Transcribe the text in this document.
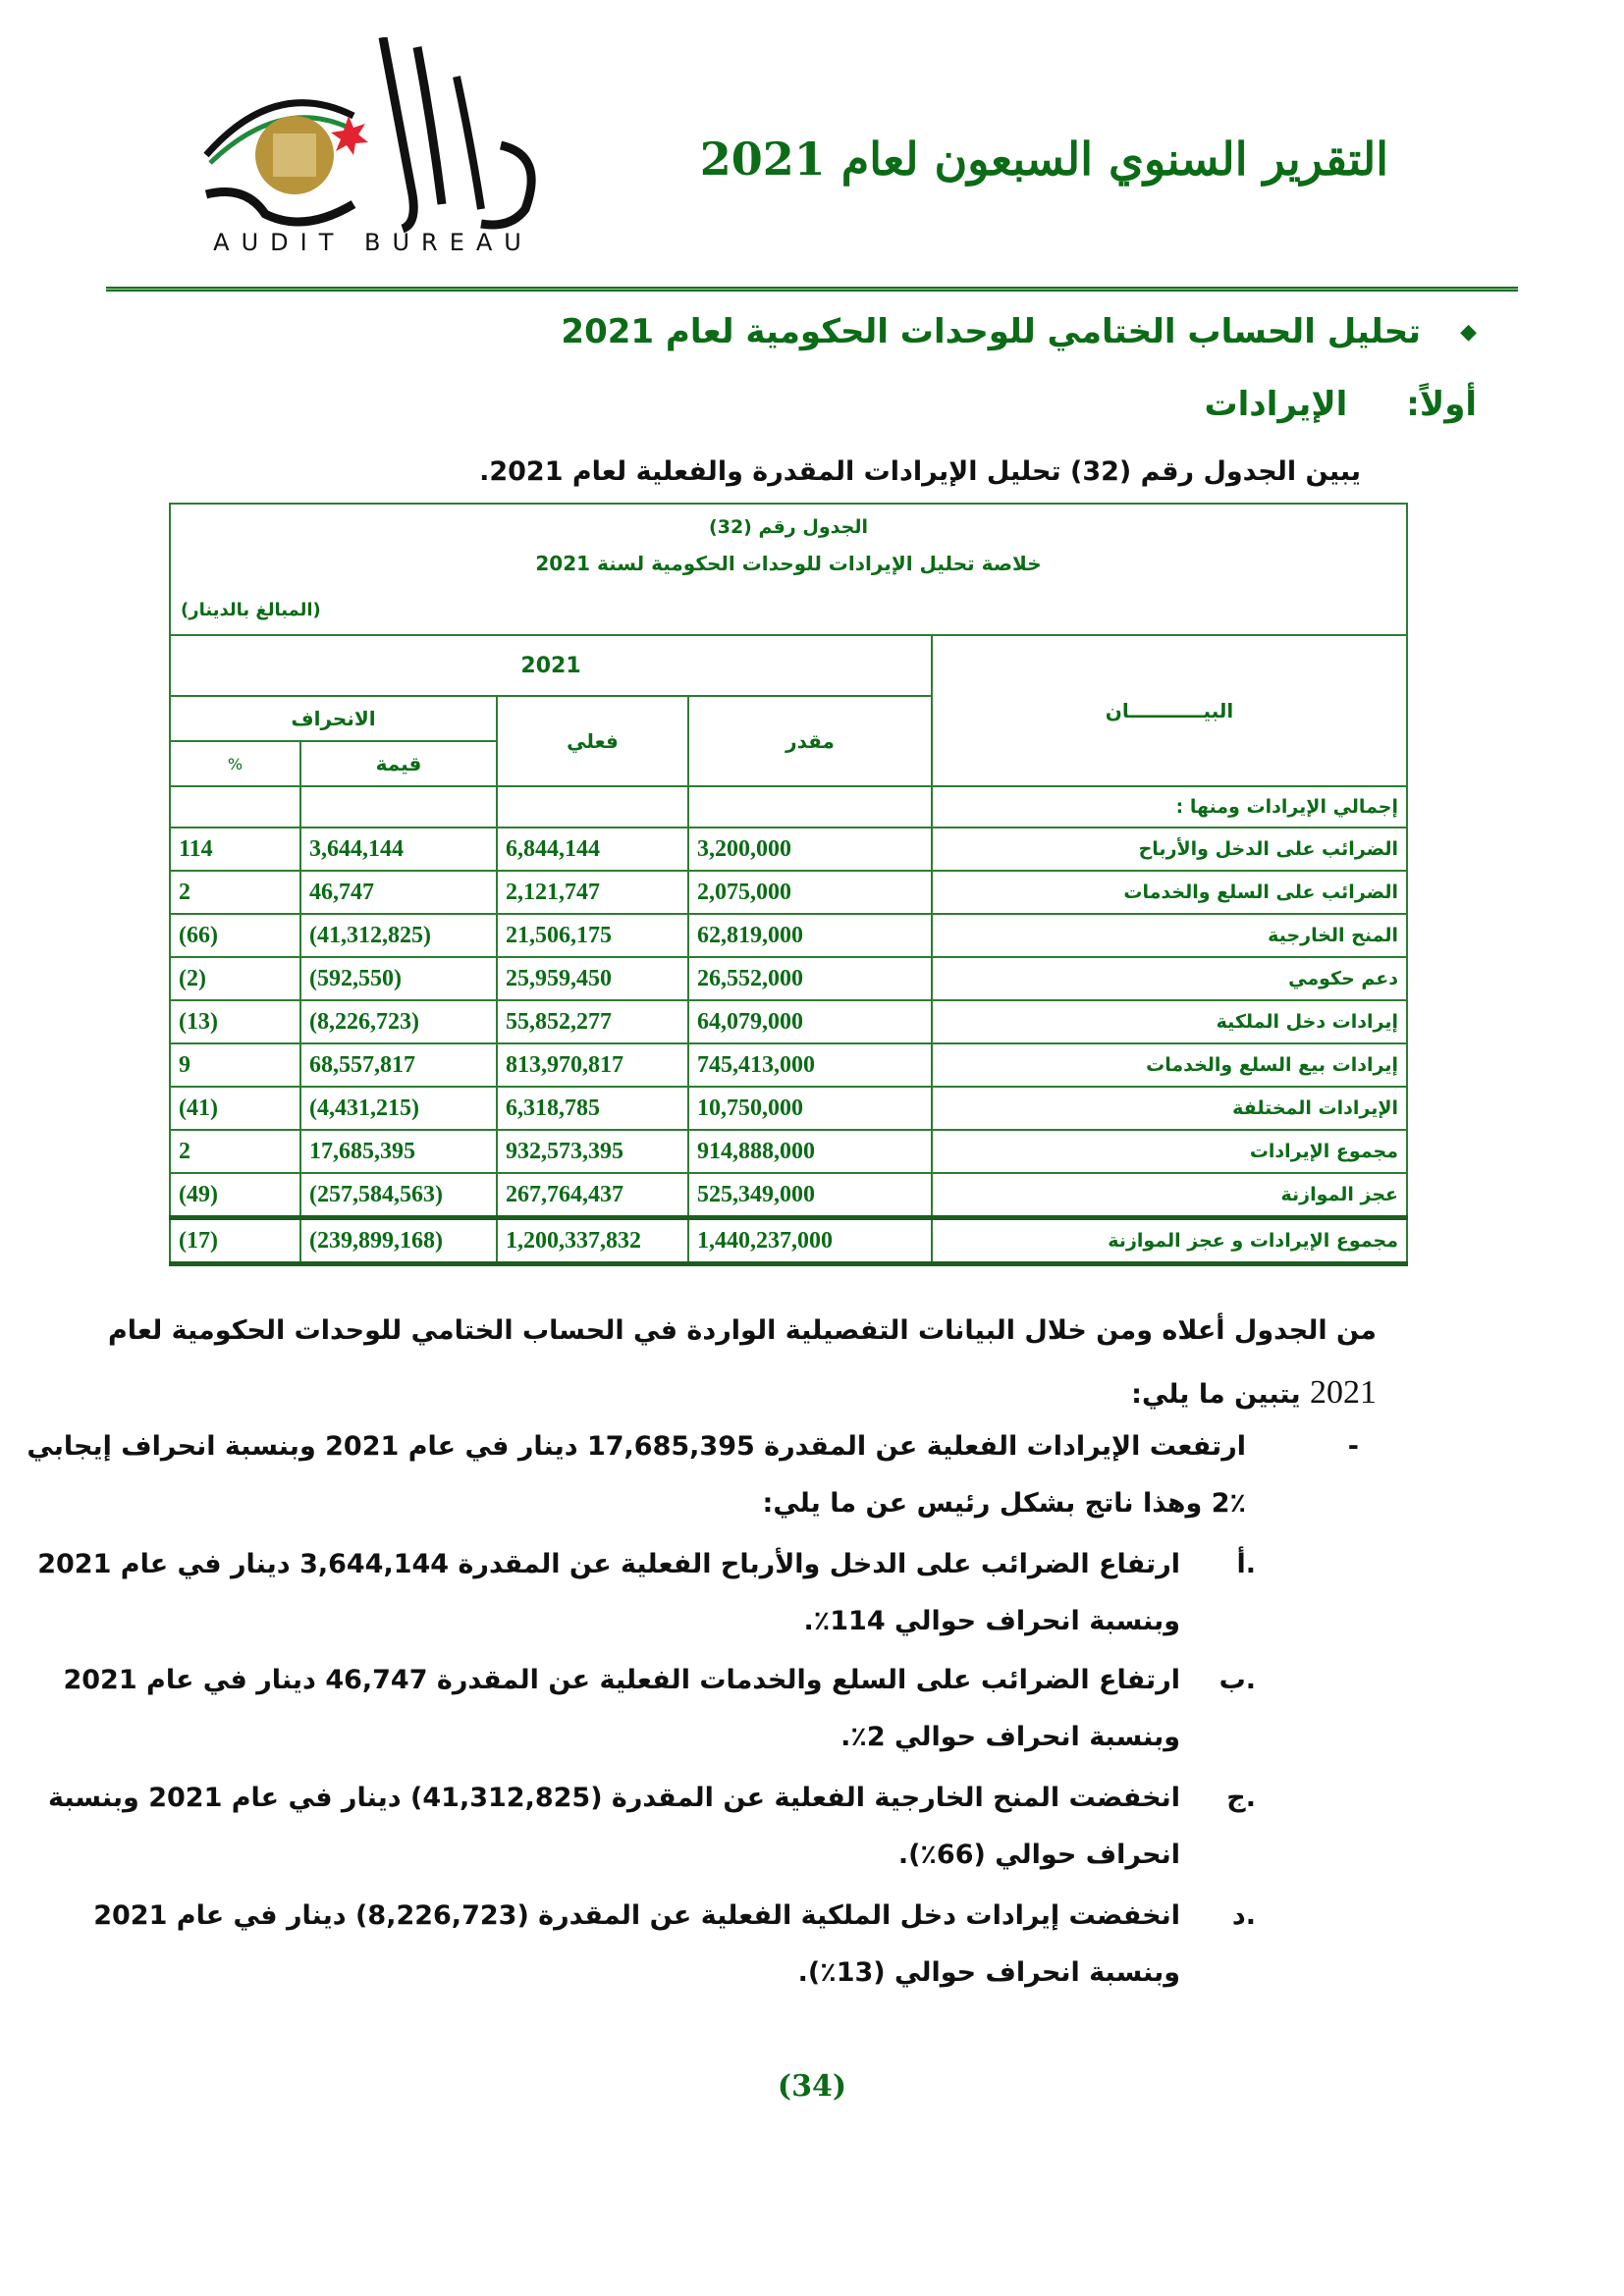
AUDIT BUREAU
التقرير السنوي السبعون لعام 2021
◆
تحليل الحساب الختامي للوحدات الحكومية لعام 2021
أولاً:
الإيرادات
يبين الجدول رقم (32) تحليل الإيرادات المقدرة والفعلية لعام 2021.
الجدول رقم (32)
خلاصة تحليل الإيرادات للوحدات الحكومية لسنة 2021
(المبالغ بالدينار)				

البيـــــــــــان	2021			
	مقدر	فعلي	الانحراف	
			قيمة	%
إجمالي الإيرادات ومنها :				
الضرائب على الدخل والأرباح	3,200,000	6,844,144	3,644,144	114
الضرائب على السلع والخدمات	2,075,000	2,121,747	46,747	2
المنح الخارجية	62,819,000	21,506,175	(41,312,825)	(66)
دعم حكومي	26,552,000	25,959,450	(592,550)	(2)
إيرادات دخل الملكية	64,079,000	55,852,277	(8,226,723)	(13)
إيرادات بيع السلع والخدمات	745,413,000	813,970,817	68,557,817	9
الإيرادات المختلفة	10,750,000	6,318,785	(4,431,215)	(41)
مجموع الإيرادات	914,888,000	932,573,395	17,685,395	2
عجز الموازنة	525,349,000	267,764,437	(257,584,563)	(49)
مجموع الإيرادات و عجز الموازنة	1,440,237,000	1,200,337,832	(239,899,168)	(17)
من الجدول أعلاه ومن خلال البيانات التفصيلية الواردة في الحساب الختامي للوحدات الحكومية لعام
2021 يتبين ما يلي:
-
ارتفعت الإيرادات الفعلية عن المقدرة 17,685,395 دينار في عام 2021 وبنسبة انحراف إيجابي
2٪ وهذا ناتج بشكل رئيس عن ما يلي:
أ.
ارتفاع الضرائب على الدخل والأرباح الفعلية عن المقدرة 3,644,144 دينار في عام 2021
وبنسبة انحراف حوالي 114٪.
ب.
ارتفاع الضرائب على السلع والخدمات الفعلية عن المقدرة 46,747 دينار في عام 2021
وبنسبة انحراف حوالي 2٪.
ج.
انخفضت المنح الخارجية الفعلية عن المقدرة (41,312,825) دينار في عام 2021 وبنسبة
انحراف حوالي (66٪).
د.
انخفضت إيرادات دخل الملكية الفعلية عن المقدرة (8,226,723) دينار في عام 2021
وبنسبة انحراف حوالي (13٪).
(34)
